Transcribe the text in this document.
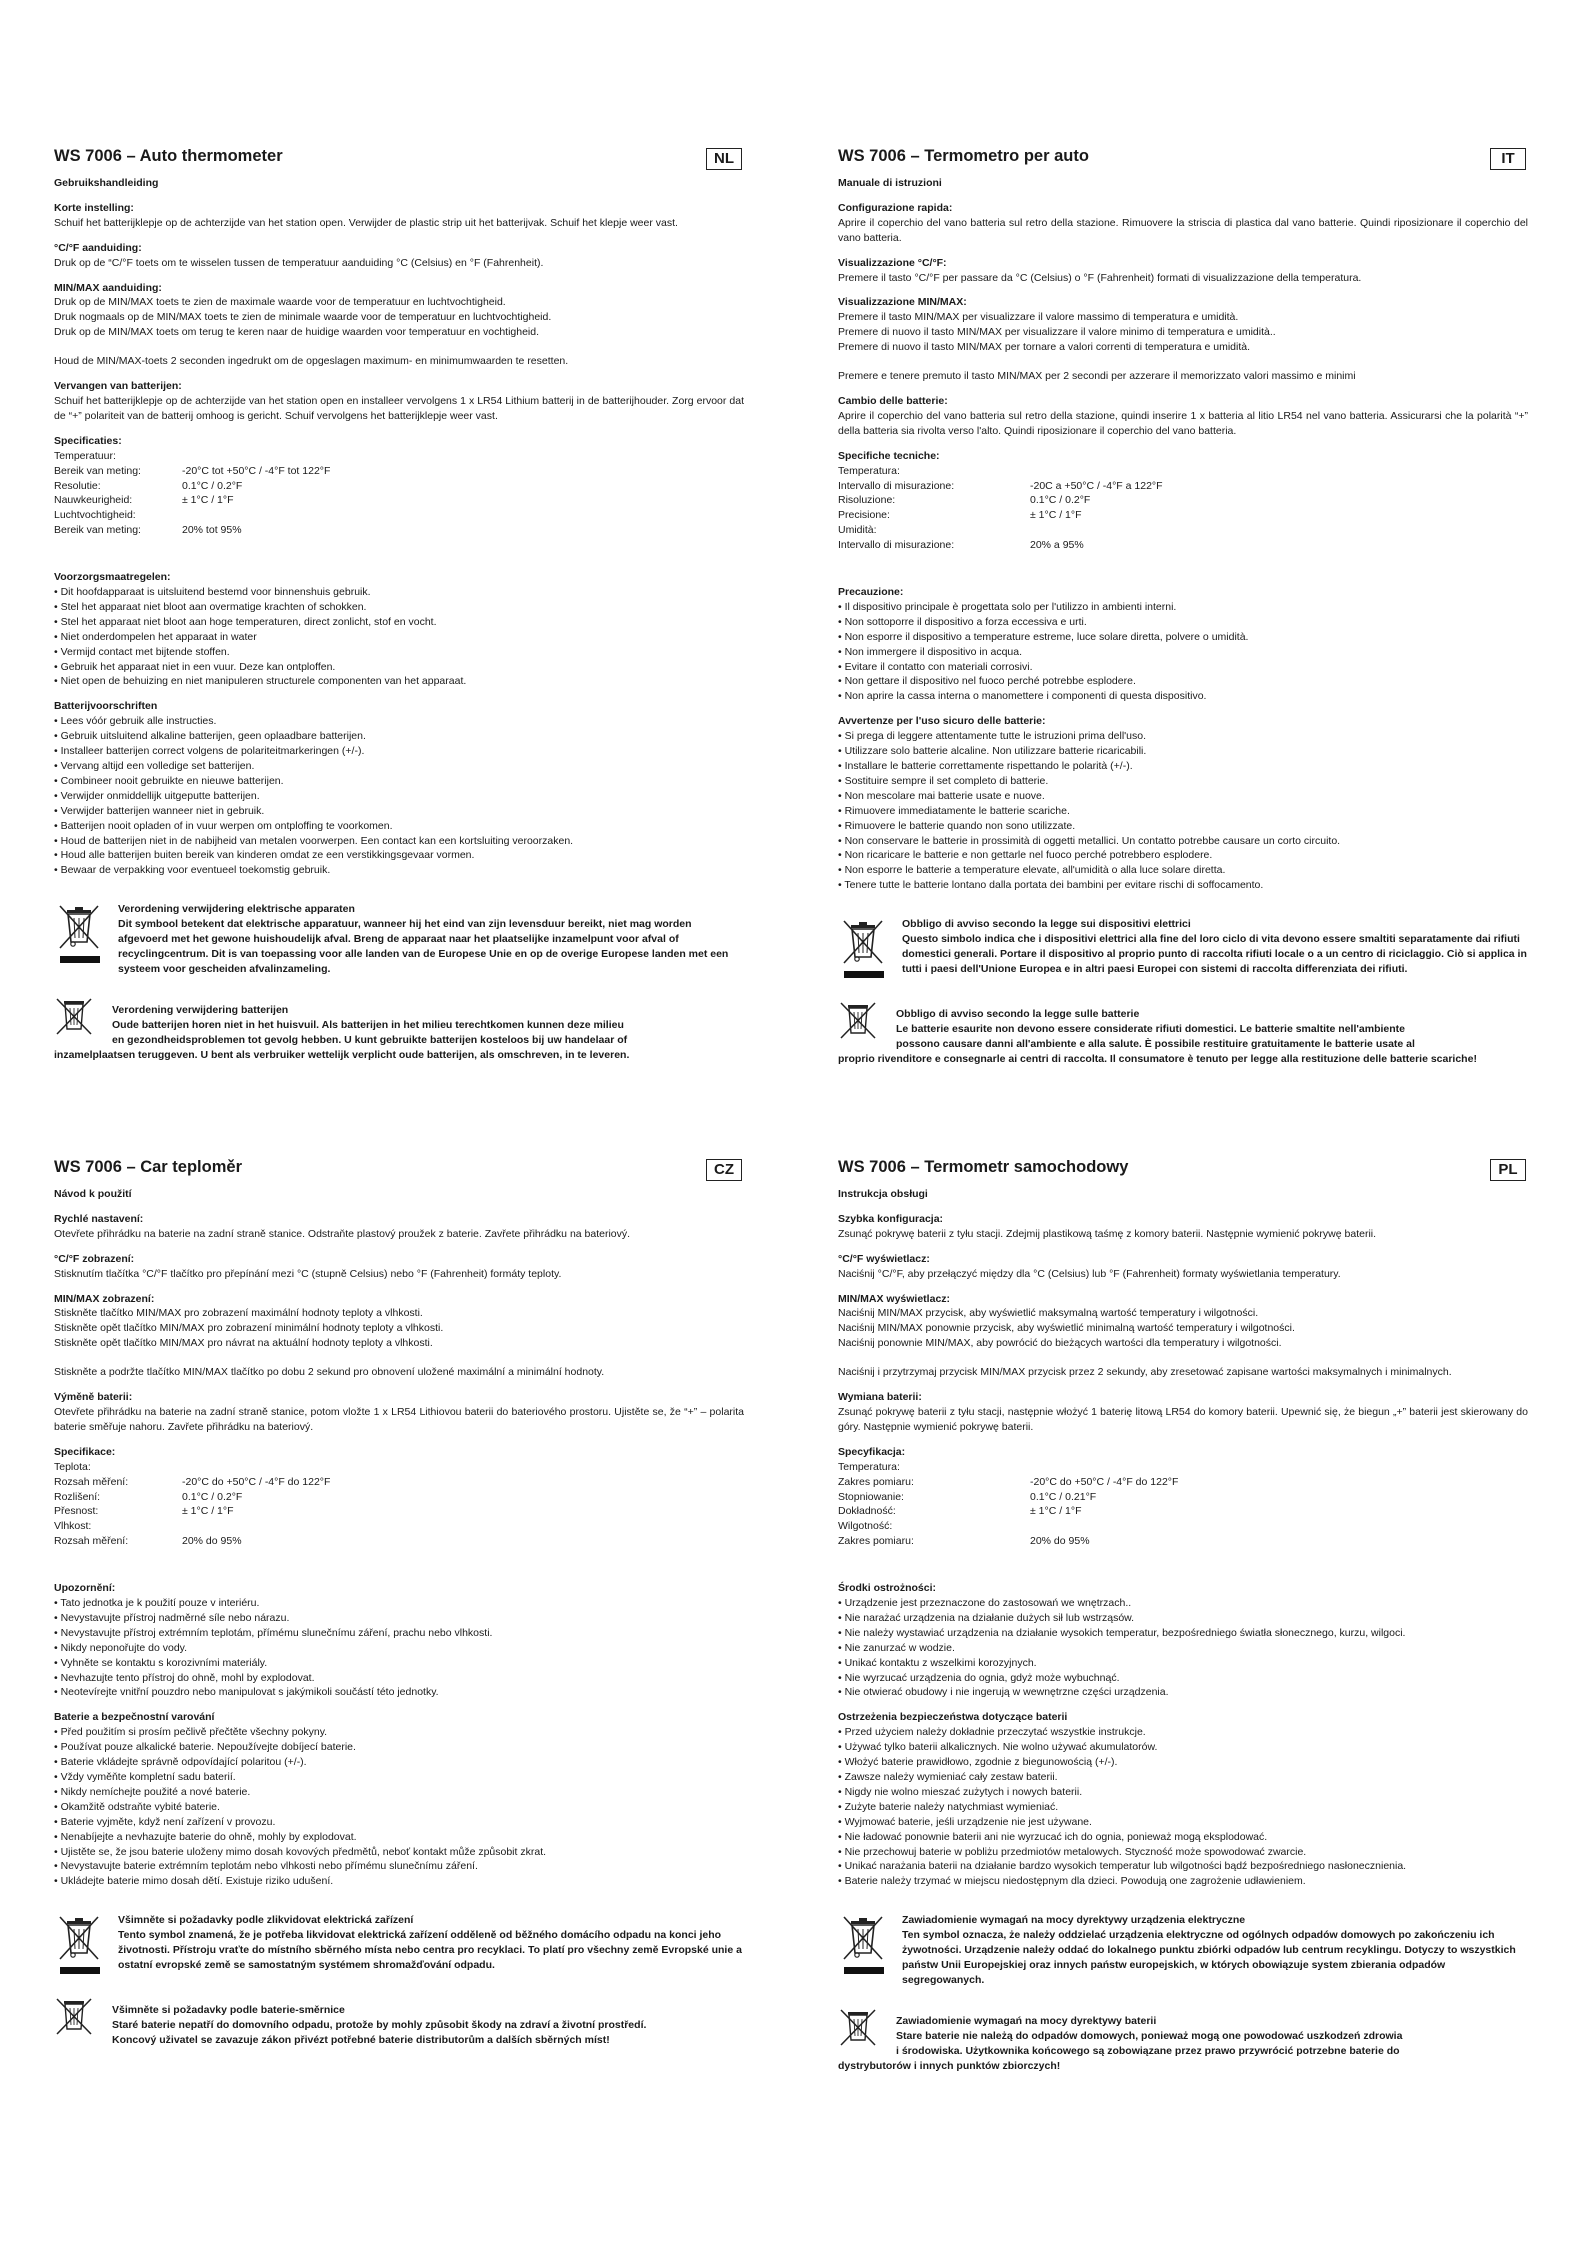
WS 7006 – Auto thermometer	NL
Gebruikshandleiding
Korte instelling:
Schuif het batterijklepje op de achterzijde van het station open. Verwijder de plastic strip uit het batterijvak. Schuif het klepje weer vast.
°C/°F aanduiding:
Druk op de “C/°F toets om te wisselen tussen de temperatuur aanduiding °C (Celsius) en °F (Fahrenheit).
MIN/MAX aanduiding:
Druk op de MIN/MAX toets te zien de maximale waarde voor de temperatuur en luchtvochtigheid.
Druk nogmaals op de MIN/MAX toets te zien de minimale waarde voor de temperatuur en luchtvochtigheid.
Druk op de MIN/MAX toets om terug te keren naar de huidige waarden voor temperatuur en vochtigheid.
Houd de MIN/MAX-toets 2 seconden ingedrukt om de opgeslagen maximum- en minimumwaarden te resetten.
Vervangen van batterijen:
Schuif het batterijklepje op de achterzijde van het station open en installeer vervolgens 1 x LR54 Lithium batterij in de batterijhouder. Zorg ervoor dat de “+” polariteit van de batterij omhoog is gericht. Schuif vervolgens het batterijklepje weer vast.
Specificaties:
Temperatuur:
Bereik van meting:	-20°C tot +50°C / -4°F tot 122°F
Resolutie:	0.1°C / 0.2°F
Nauwkeurigheid:	± 1°C / 1°F
Luchtvochtigheid:
Bereik van meting:	20% tot 95%
Voorzorgsmaatregelen:
• Dit hoofdapparaat is uitsluitend bestemd voor binnenshuis gebruik.
• Stel het apparaat niet bloot aan overmatige krachten of schokken.
• Stel het apparaat niet bloot aan hoge temperaturen, direct zonlicht, stof en vocht.
• Niet onderdompelen het apparaat in water
• Vermijd contact met bijtende stoffen.
• Gebruik het apparaat niet in een vuur. Deze kan ontploffen.
• Niet open de behuizing en niet manipuleren structurele componenten van het apparaat.
Batterijvoorschriften
• Lees vóór gebruik alle instructies.
• Gebruik uitsluitend alkaline batterijen, geen oplaadbare batterijen.
• Installeer batterijen correct volgens de polariteitmarkeringen (+/-).
• Vervang altijd een volledige set batterijen.
• Combineer nooit gebruikte en nieuwe batterijen.
• Verwijder onmiddellijk uitgeputte batterijen.
• Verwijder batterijen wanneer niet in gebruik.
• Batterijen nooit opladen of in vuur werpen om ontploffing te voorkomen.
• Houd de batterijen niet in de nabijheid van metalen voorwerpen. Een contact kan een kortsluiting veroorzaken.
• Houd alle batterijen buiten bereik van kinderen omdat ze een verstikkingsgevaar vormen.
• Bewaar de verpakking voor eventueel toekomstig gebruik.
Verordening verwijdering elektrische apparaten
Dit symbool betekent dat elektrische apparatuur, wanneer hij het eind van zijn levensduur bereikt, niet mag worden afgevoerd met het gewone huishoudelijk afval. Breng de apparaat naar het plaatselijke inzamelpunt voor afval of recyclingcentrum. Dit is van toepassing voor alle landen van de Europese Unie en op de overige Europese landen met een systeem voor gescheiden afvalinzameling.
Verordening verwijdering batterijen
Oude batterijen horen niet in het huisvuil. Als batterijen in het milieu terechtkomen kunnen deze milieu
en gezondheidsproblemen tot gevolg hebben. U kunt gebruikte batterijen kosteloos bij uw handelaar of
inzamelplaatsen teruggeven. U bent als verbruiker wettelijk verplicht oude batterijen, als omschreven, in te leveren.
WS 7006 – Termometro per auto	IT
Manuale di istruzioni
Configurazione rapida:
Aprire il coperchio del vano batteria sul retro della stazione. Rimuovere la striscia di plastica dal vano batterie. Quindi riposizionare il coperchio del vano batteria.
Visualizzazione °C/°F:
Premere il tasto °C/°F per passare da °C (Celsius) o °F (Fahrenheit) formati di visualizzazione della temperatura.
Visualizzazione MIN/MAX:
Premere il tasto MIN/MAX per visualizzare il valore massimo di temperatura e umidità.
Premere di nuovo il tasto MIN/MAX per visualizzare il valore minimo di temperatura e umidità..
Premere di nuovo il tasto MIN/MAX per tornare a valori correnti di temperatura e umidità.
Premere e tenere premuto il tasto MIN/MAX per 2 secondi per azzerare il memorizzato valori massimo e minimi
Cambio delle batterie:
Aprire il coperchio del vano batteria sul retro della stazione, quindi inserire 1 x batteria al litio LR54 nel vano batteria. Assicurarsi che la polarità “+” della batteria sia rivolta verso l'alto. Quindi riposizionare il coperchio del vano batteria.
Specifiche tecniche:
Temperatura:
Intervallo di misurazione:	-20C a +50°C / -4°F a 122°F
Risoluzione:	0.1°C / 0.2°F
Precisione:	± 1°C / 1°F
Umidità:
Intervallo di misurazione:	20% a 95%
Precauzione:
• Il dispositivo principale è progettata solo per l'utilizzo in ambienti interni.
• Non sottoporre il dispositivo a forza eccessiva e urti.
• Non esporre il dispositivo a temperature estreme, luce solare diretta, polvere o umidità.
• Non immergere il dispositivo in acqua.
• Evitare il contatto con materiali corrosivi.
• Non gettare il dispositivo nel fuoco perché potrebbe esplodere.
• Non aprire la cassa interna o manometterе i componenti di questa dispositivo.
Avvertenze per l'uso sicuro delle batterie:
• Si prega di leggere attentamente tutte le istruzioni prima dell'uso.
• Utilizzare solo batterie alcaline. Non utilizzare batterie ricaricabili.
• Installare le batterie correttamente rispettando le polarità (+/-).
• Sostituire sempre il set completo di batterie.
• Non mescolare mai batterie usate e nuove.
• Rimuovere immediatamente le batterie scariche.
• Rimuovere le batterie quando non sono utilizzate.
• Non conservare le batterie in prossimità di oggetti metallici. Un contatto potrebbe causare un corto circuito.
• Non ricaricare le batterie e non gettarle nel fuoco perché potrebbero esplodere.
• Non esporre le batterie a temperature elevate, all'umidità o alla luce solare diretta.
• Tenere tutte le batterie lontano dalla portata dei bambini per evitare rischi di soffocamento.
Obbligo di avviso secondo la legge sui dispositivi elettrici
Questo simbolo indica che i dispositivi elettrici alla fine del loro ciclo di vita devono essere smaltiti separatamente dai rifiuti domestici generali. Portare il dispositivo al proprio punto di raccolta rifiuti locale o a un centro di riciclaggio. Ciò si applica in tutti i paesi dell'Unione Europea e in altri paesi Europei con sistemi di raccolta differenziata dei rifiuti.
Obbligo di avviso secondo la legge sulle batterie
Le batterie esaurite non devono essere considerate rifiuti domestici. Le batterie smaltite nell'ambiente
possono causare danni all'ambiente e alla salute. È possibile restituire gratuitamente le batterie usate al
proprio rivenditore e consegnarle ai centri di raccolta. Il consumatore è tenuto per legge alla restituzione delle batterie scariche!
WS 7006 – Car teploměr	CZ
Návod k použití
Rychlé nastavení:
Otevřete přihrádku na baterie na zadní straně stanice. Odstraňte plastový proužek z baterie. Zavřete přihrádku na bateriový.
°C/°F zobrazení:
Stisknutím tlačítka °C/°F tlačítko pro přepínání mezi °C (stupně Celsius) nebo °F (Fahrenheit) formáty teploty.
MIN/MAX zobrazení:
Stiskněte tlačítko MIN/MAX pro zobrazení maximální hodnoty teploty a vlhkosti.
Stiskněte opět tlačítko MIN/MAX pro zobrazení minimální hodnoty teploty a vlhkosti.
Stiskněte opět tlačítko MIN/MAX pro návrat na aktuální hodnoty teploty a vlhkosti.
Stiskněte a podržte tlačítko MIN/MAX tlačítko po dobu 2 sekund pro obnovení uložené maximální a minimální hodnoty.
Výměně baterii:
Otevřete přihrádku na baterie na zadní straně stanice, potom vložte 1 x LR54 Lithiovou baterii do bateriového prostoru. Ujistěte se, že “+” – polarita baterie směřuje nahoru. Zavřete přihrádku na bateriový.
Specifikace:
Teplota:
Rozsah měření:	-20°C do +50°C / -4°F do 122°F
Rozlišení:	0.1°C / 0.2°F
Přesnost:	± 1°C / 1°F
Vlhkost:
Rozsah měření:	20% do 95%
Upozornění:
• Tato jednotka je k použití pouze v interiéru.
• Nevystavujte přístroj nadměrné síle nebo nárazu.
• Nevystavujte přístroj extrémním teplotám, přímému slunečnímu záření, prachu nebo vlhkosti.
• Nikdy neponořujte do vody.
• Vyhněte se kontaktu s korozivními materiály.
• Nevhazujte tento přístroj do ohně, mohl by explodovat.
• Neotevírejte vnitřní pouzdro nebo manipulovat s jakýmikoli součástí této jednotky.
Baterie a bezpečnostní varování
• Před použitím si prosím pečlivě přečtěte všechny pokyny.
• Používat pouze alkalické baterie. Nepoužívejte dobíjecí baterie.
• Baterie vkládejte správně odpovídající polaritou (+/-).
• Vždy vyměňte kompletní sadu baterií.
• Nikdy nemíchejte použité a nové baterie.
• Okamžitě odstraňte vybité baterie.
• Baterie vyjměte, když není zařízení v provozu.
• Nenabíjejte a nevhazujte baterie do ohně, mohly by explodovat.
• Ujistěte se, že jsou baterie uloženy mimo dosah kovových předmětů, neboť kontakt může způsobit zkrat.
• Nevystavujte baterie extrémním teplotám nebo vlhkosti nebo přímému slunečnímu záření.
• Ukládejte baterie mimo dosah dětí. Existuje riziko udušení.
Všimněte si požadavky podle zlikvidovat elektrická zařízení
Tento symbol znamená, že je potřeba likvidovat elektrická zařízení odděleně od běžného domácího odpadu na konci jeho životnosti. Přístroju vraťte do místního sběrného místa nebo centra pro recyklaci. To platí pro všechny země Evropské unie a ostatní evropské země se samostatným systémem shromažďování odpadu.
Všimněte si požadavky podle baterie-směrnice
Staré baterie nepatří do domovního odpadu, protože by mohly způsobit škody na zdraví a životní prostředí.
Koncový uživatel se zavazuje zákon přivézt potřebné baterie distributorům a dalších sběrných míst!
WS 7006 – Termometr samochodowy	PL
Instrukcja obsługi
Szybka konfiguracja:
Zsunąć pokrywę baterii z tyłu stacji. Zdejmij plastikową taśmę z komory baterii. Następnie wymienić pokrywę baterii.
°C/°F wyświetlacz:
Naciśnij °C/°F, aby przełączyć między dla °C (Celsius) lub °F (Fahrenheit) formaty wyświetlania temperatury.
MIN/MAX wyświetlacz:
Naciśnij MIN/MAX przycisk, aby wyświetlić maksymalną wartość temperatury i wilgotności.
Naciśnij MIN/MAX ponownie przycisk, aby wyświetlić minimalną wartość temperatury i wilgotności.
Naciśnij ponownie MIN/MAX, aby powrócić do bieżących wartości dla temperatury i wilgotności.
Naciśnij i przytrzymaj przycisk MIN/MAX przycisk przez 2 sekundy, aby zresetować zapisane wartości maksymalnych i minimalnych.
Wymiana baterii:
Zsunąć pokrywę baterii z tyłu stacji, następnie włożyć 1 baterię litową LR54 do komory baterii. Upewnić się, że biegun „+” baterii jest skierowany do góry. Następnie wymienić pokrywę baterii.
Specyfikacja:
Temperatura:
Zakres pomiaru:	-20°C do +50°C / -4°F do 122°F
Stopniowanie:	0.1°C / 0.21°F
Dokładność:	± 1°C / 1°F
Wilgotność:
Zakres pomiaru:	20% do 95%
Środki ostrożności:
• Urządzenie jest przeznaczone do zastosowań we wnętrzach..
• Nie narażać urządzenia na działanie dużych sił lub wstrząsów.
• Nie należy wystawiać urządzenia na działanie wysokich temperatur, bezpośredniego światła słonecznego, kurzu, wilgoci.
• Nie zanurzać w wodzie.
• Unikać kontaktu z wszelkimi korozyjnych.
• Nie wyrzucać urządzenia do ognia, gdyż może wybuchnąć.
• Nie otwierać obudowy i nie ingerują w wewnętrzne części urządzenia.
Ostrzeżenia bezpieczeństwa dotyczące baterii
• Przed użyciem należy dokładnie przeczytać wszystkie instrukcje.
• Używać tylko baterii alkalicznych. Nie wolno używać akumulatorów.
• Włożyć baterie prawidłowo, zgodnie z biegunowością (+/-).
• Zawsze należy wymieniać cały zestaw baterii.
• Nigdy nie wolno mieszać zużytych i nowych baterii.
• Zużyte baterie należy natychmiast wymieniać.
• Wyjmować baterie, jeśli urządzenie nie jest używane.
• Nie ładować ponownie baterii ani nie wyrzucać ich do ognia, ponieważ mogą eksplodować.
• Nie przechowuj baterie w pobliżu przedmiotów metalowych. Styczność może spowodować zwarcie.
• Unikać narażania baterii na działanie bardzo wysokich temperatur lub wilgotności bądź bezpośredniego nasłonecznienia.
• Baterie należy trzymać w miejscu niedostępnym dla dzieci. Powodują one zagrożenie udławieniem.
Zawiadomienie wymagań na mocy dyrektywy urządzenia elektryczne
Ten symbol oznacza, że należy oddzielać urządzenia elektryczne od ogólnych odpadów domowych po zakończeniu ich żywotności. Urządzenie należy oddać do lokalnego punktu zbiórki odpadów lub centrum recyklingu. Dotyczy to wszystkich państw Unii Europejskiej oraz innych państw europejskich, w których obowiązuje system zbierania odpadów segregowanych.
Zawiadomienie wymagań na mocy dyrektywy baterii
Stare baterie nie należą do odpadów domowych, ponieważ mogą one powodować uszkodzeń zdrowia
i środowiska. Użytkownika końcowego są zobowiązane przez prawo przywrócić potrzebne baterie do
dystrybutorów i innych punktów zbiorczych!
